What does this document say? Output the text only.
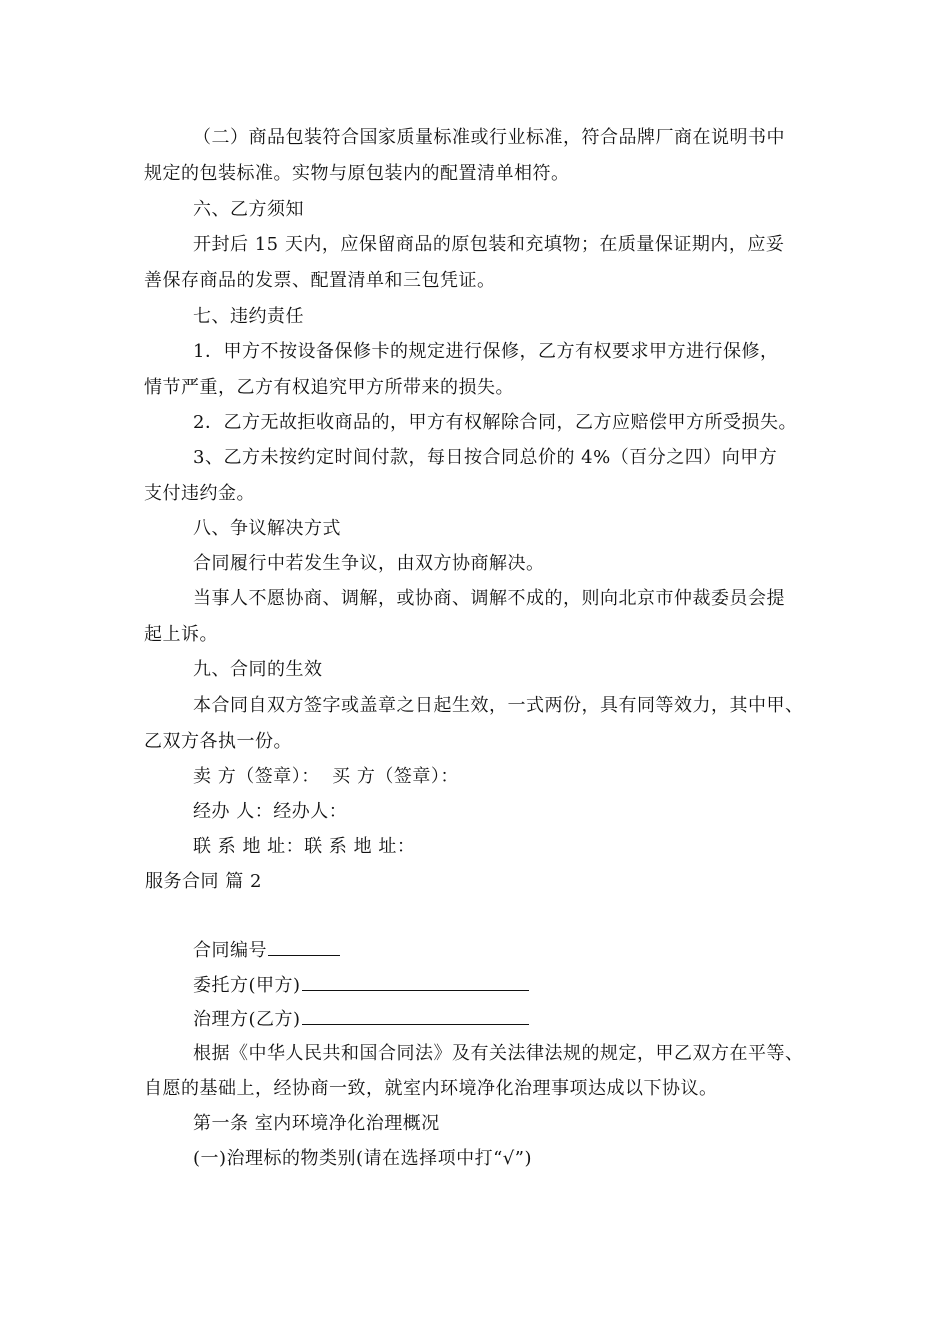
（二）商品包装符合国家质量标准或行业标准，符合品牌厂商在说明书中
规定的包装标准。实物与原包装内的配置清单相符。
六、乙方须知
开封后 15 天内，应保留商品的原包装和充填物；在质量保证期内，应妥
善保存商品的发票、配置清单和三包凭证。
七、违约责任
1．甲方不按设备保修卡的规定进行保修，乙方有权要求甲方进行保修，
情节严重，乙方有权追究甲方所带来的损失。
2．乙方无故拒收商品的，甲方有权解除合同，乙方应赔偿甲方所受损失。
3、乙方未按约定时间付款，每日按合同总价的 4%（百分之四）向甲方
支付违约金。
八、争议解决方式
合同履行中若发生争议，由双方协商解决。
当事人不愿协商、调解，或协商、调解不成的，则向北京市仲裁委员会提
起上诉。
九、合同的生效
本合同自双方签字或盖章之日起生效，一式两份，具有同等效力，其中甲、
乙双方各执一份。
卖 方（签章）：  买 方（签章）：
经办 人：经办人：
联 系 地 址：联 系 地 址：
服务合同 篇 2
合同编号
委托方(甲方)
治理方(乙方)
根据《中华人民共和国合同法》及有关法律法规的规定，甲乙双方在平等、
自愿的基础上，经协商一致，就室内环境净化治理事项达成以下协议。
第一条 室内环境净化治理概况
(一)治理标的物类别(请在选择项中打“√”)
